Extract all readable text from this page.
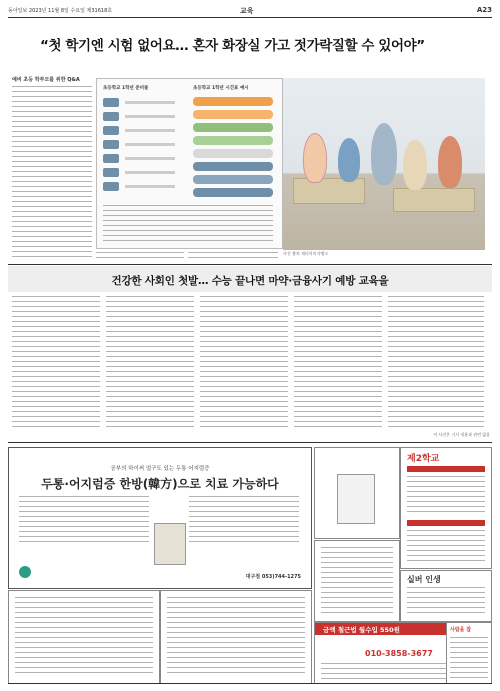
동아일보 2023년 11월 8일 수요일 제31618호	교육	A23
“첫 학기엔 시험 없어요… 혼자 화장실 가고 젓가락질할 수 있어야”
예비 초등 학부모를 위한 Q&A
초등학교 1학년 준비물	초등학교 1학년 시간표 예시
사진 출처 게티이미지뱅크
건강한 사회인 첫발… 수능 끝나면 마약·금융사기 예방 교육을
이 사진은 기사 내용과 관련 없음
공부의 하이써 얼구도 있는 두통 어지럼증
두통·어지럼증 한방(韓方)으로 치료 가능하다
대구점 053)744-1275
금액 철근법 월수입 550원
010-3858-3677
제2학교
실버 인생
사람을 잡
